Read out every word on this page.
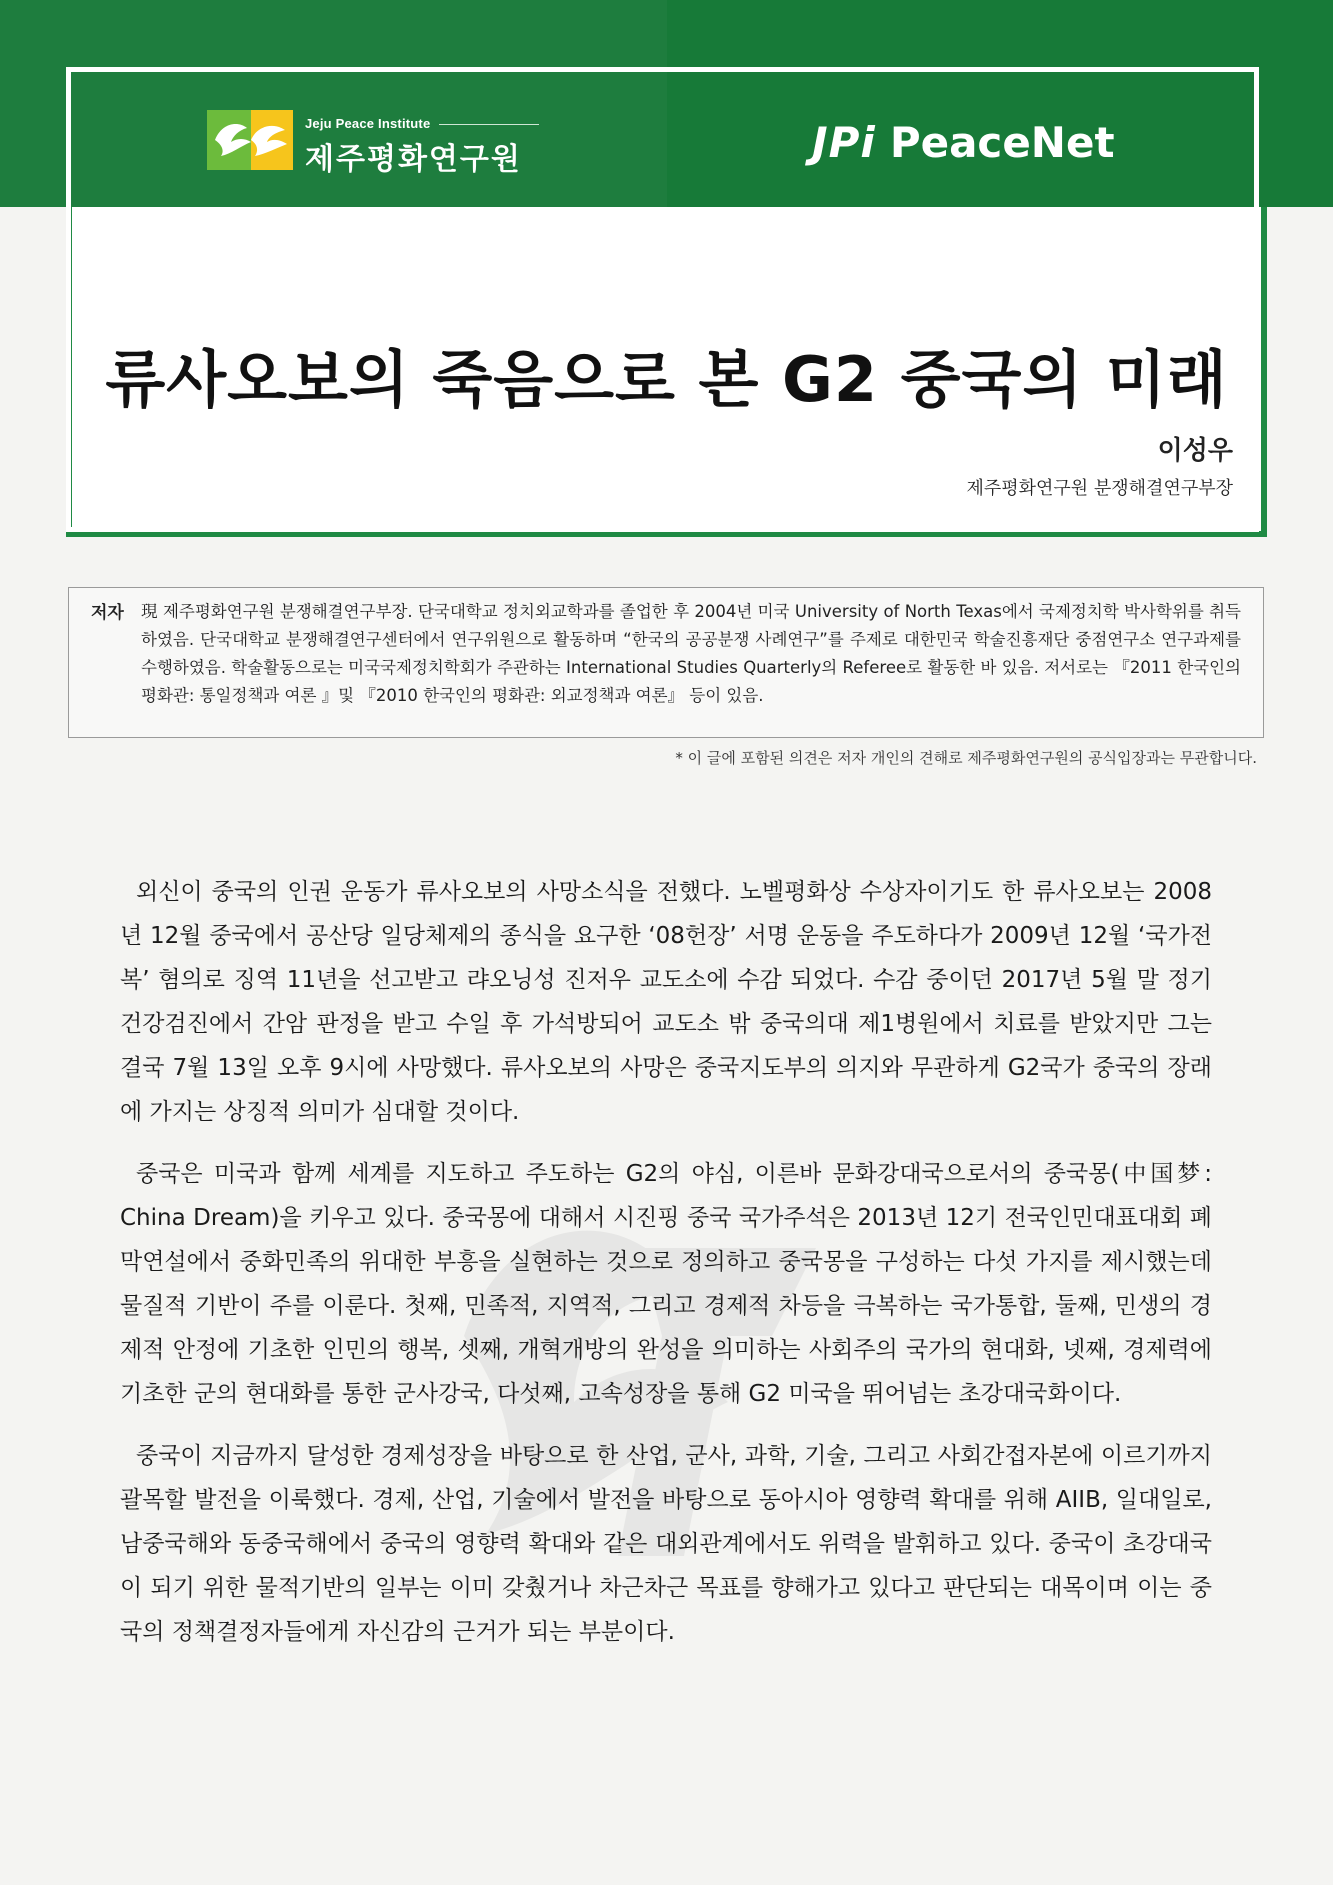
Jeju Peace Institute
제주평화연구원	JPi PeaceNet
류사오보의 죽음으로 본 G2 중국의 미래
이성우
제주평화연구원 분쟁해결연구부장
저자 現 제주평화연구원 분쟁해결연구부장. 단국대학교 정치외교학과를 졸업한 후 2004년 미국 University of North Texas에서 국제정치학 박사학위를 취득하였음. 단국대학교 분쟁해결연구센터에서 연구위원으로 활동하며 “한국의 공공분쟁 사례연구”를 주제로 대한민국 학술진흥재단 중점연구소 연구과제를 수행하였음. 학술활동으로는 미국국제정치학회가 주관하는 International Studies Quarterly의 Referee로 활동한 바 있음. 저서로는 『2011 한국인의 평화관: 통일정책과 여론 』및 『2010 한국인의 평화관: 외교정책과 여론』 등이 있음.
* 이 글에 포함된 의견은 저자 개인의 견해로 제주평화연구원의 공식입장과는 무관합니다.

외신이 중국의 인권 운동가 류사오보의 사망소식을 전했다. 노벨평화상 수상자이기도 한 류사오보는 2008년 12월 중국에서 공산당 일당체제의 종식을 요구한 ‘08헌장’ 서명 운동을 주도하다가 2009년 12월 ‘국가전복’ 혐의로 징역 11년을 선고받고 랴오닝성 진저우 교도소에 수감 되었다. 수감 중이던 2017년 5월 말 정기 건강검진에서 간암 판정을 받고 수일 후 가석방되어 교도소 밖 중국의대 제1병원에서 치료를 받았지만 그는 결국 7월 13일 오후 9시에 사망했다. 류사오보의 사망은 중국지도부의 의지와 무관하게 G2국가 중국의 장래에 가지는 상징적 의미가 심대할 것이다.

중국은 미국과 함께 세계를 지도하고 주도하는 G2의 야심, 이른바 문화강대국으로서의 중국몽(中国梦: China Dream)을 키우고 있다. 중국몽에 대해서 시진핑 중국 국가주석은 2013년 12기 전국인민대표대회 폐막연설에서 중화민족의 위대한 부흥을 실현하는 것으로 정의하고 중국몽을 구성하는 다섯 가지를 제시했는데 물질적 기반이 주를 이룬다. 첫째, 민족적, 지역적, 그리고 경제적 차등을 극복하는 국가통합, 둘째, 민생의 경제적 안정에 기초한 인민의 행복, 셋째, 개혁개방의 완성을 의미하는 사회주의 국가의 현대화, 넷째, 경제력에 기초한 군의 현대화를 통한 군사강국, 다섯째, 고속성장을 통해 G2 미국을 뛰어넘는 초강대국화이다.

중국이 지금까지 달성한 경제성장을 바탕으로 한 산업, 군사, 과학, 기술, 그리고 사회간접자본에 이르기까지 괄목할 발전을 이룩했다. 경제, 산업, 기술에서 발전을 바탕으로 동아시아 영향력 확대를 위해 AIIB, 일대일로, 남중국해와 동중국해에서 중국의 영향력 확대와 같은 대외관계에서도 위력을 발휘하고 있다. 중국이 초강대국이 되기 위한 물적기반의 일부는 이미 갖췄거나 차근차근 목표를 향해가고 있다고 판단되는 대목이며 이는 중국의 정책결정자들에게 자신감의 근거가 되는 부분이다.
